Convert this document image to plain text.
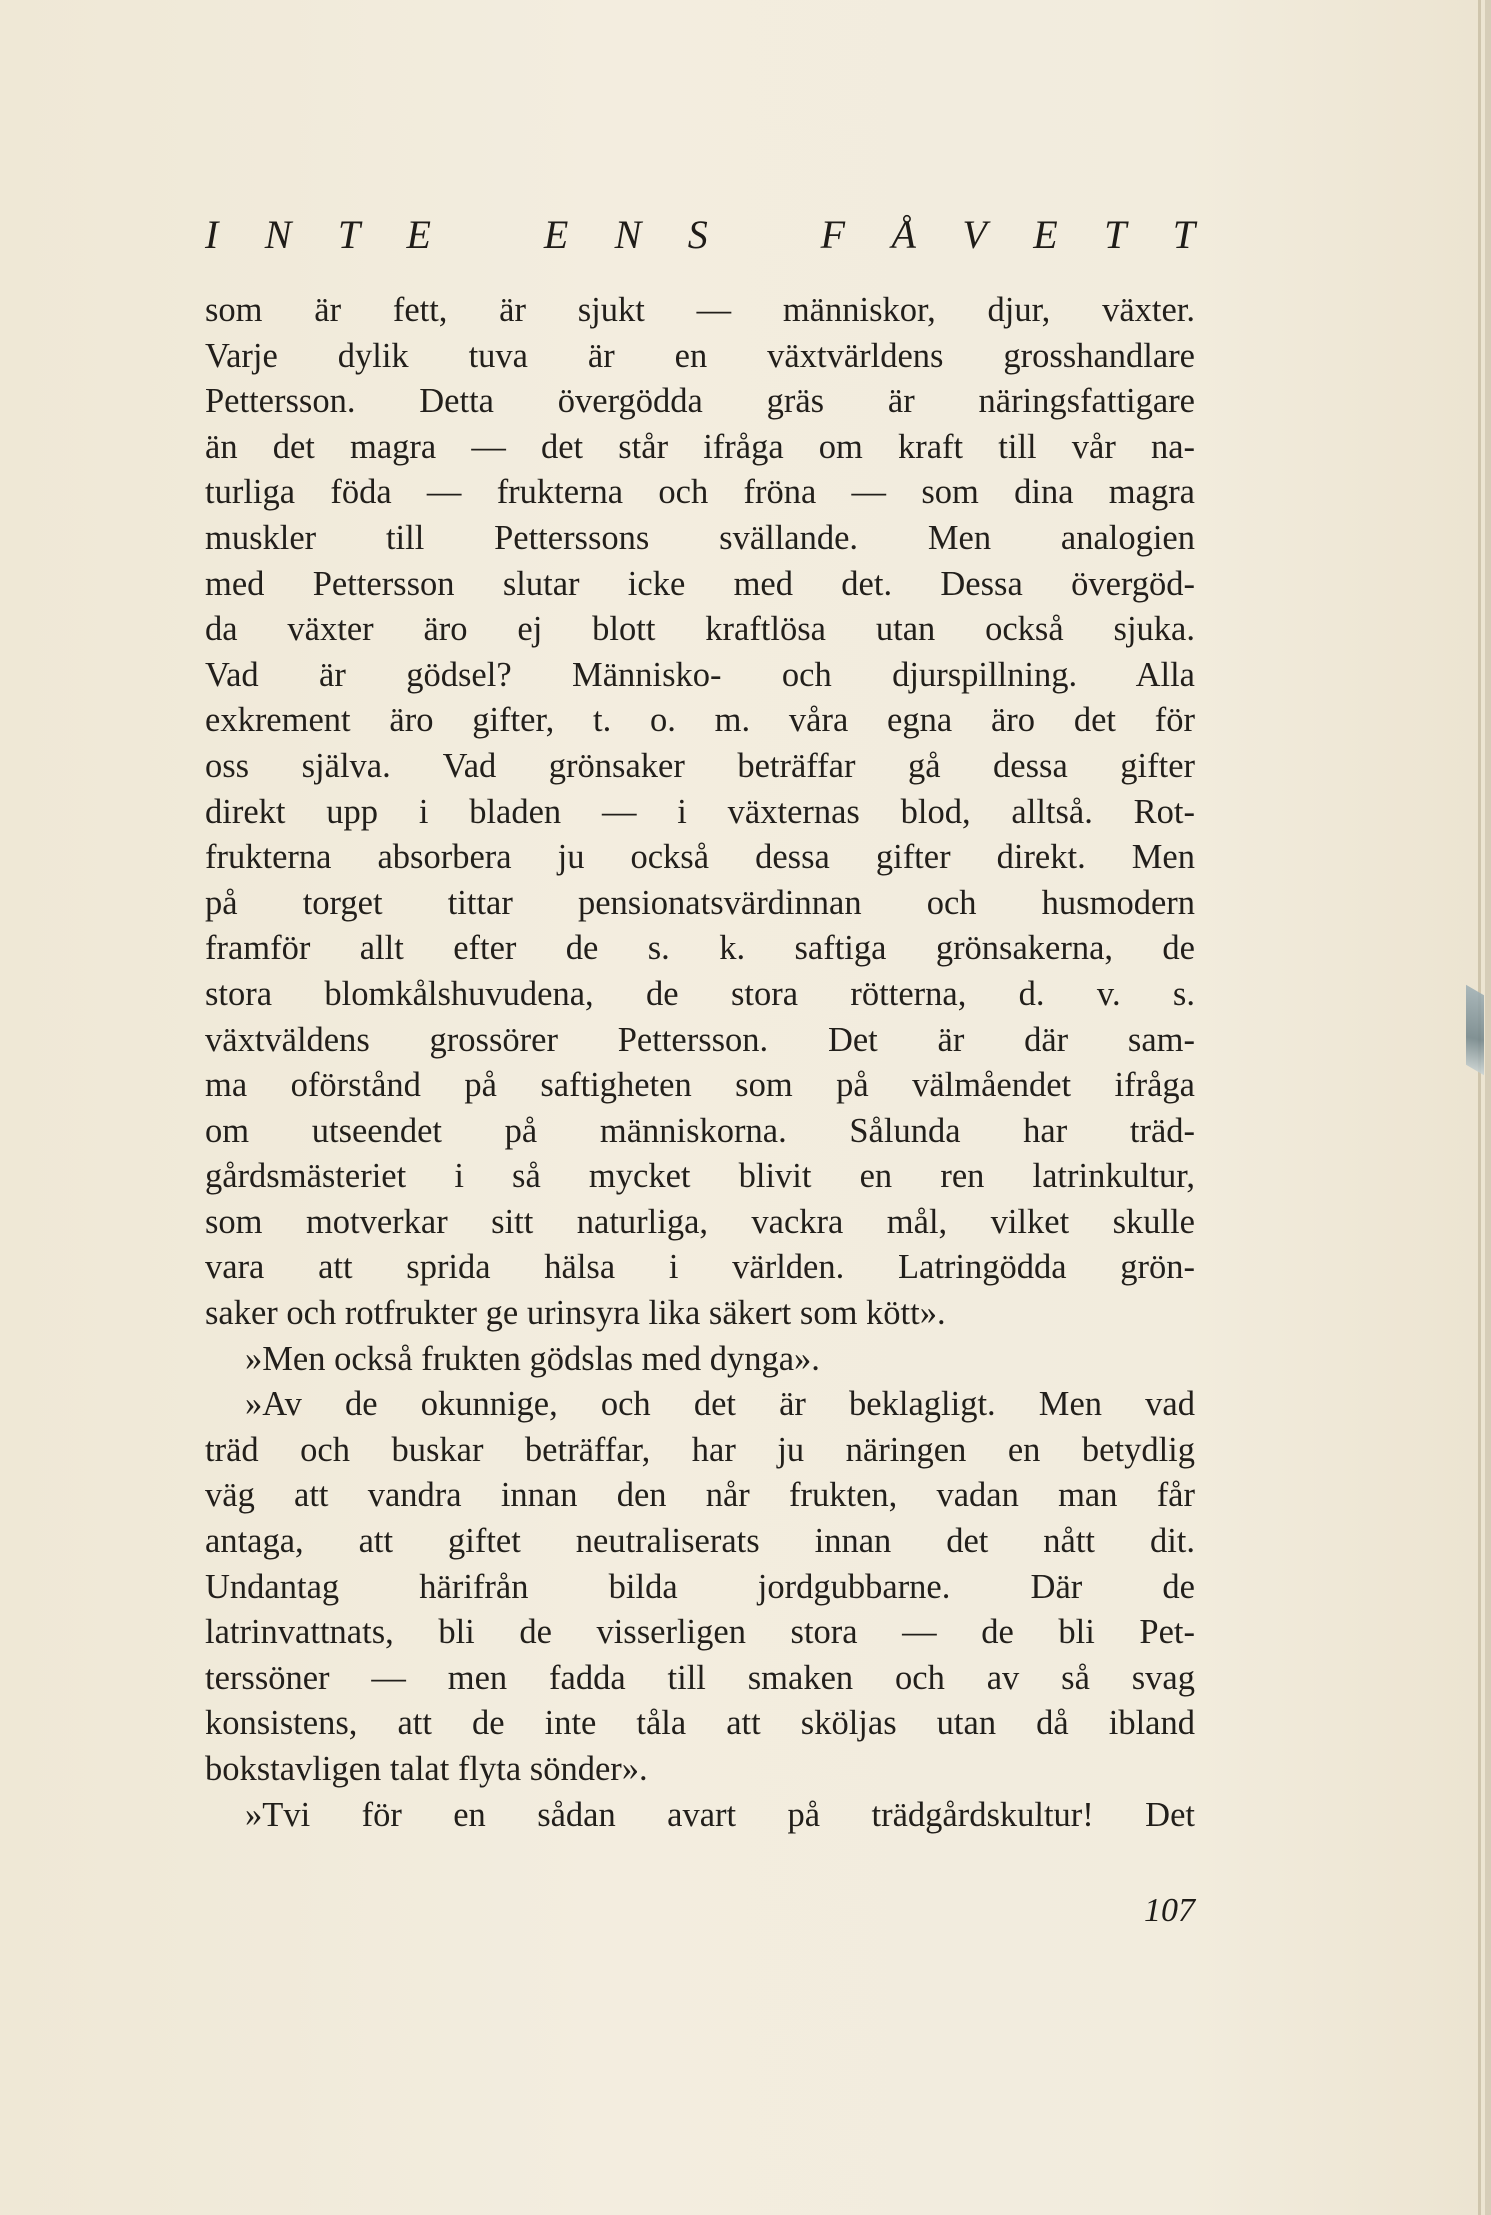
I N T E	E N S	F Å V E T T
som är fett, är sjukt — människor, djur, växter.
Varje dylik tuva är en växtvärldens grosshandlare
Pettersson. Detta övergödda gräs är näringsfattigare
än det magra — det står ifråga om kraft till vår na-
turliga föda — frukterna och fröna — som dina magra
muskler till Petterssons svällande. Men analogien
med Pettersson slutar icke med det. Dessa övergöd-
da växter äro ej blott kraftlösa utan också sjuka.
Vad är gödsel? Människo- och djurspillning. Alla
exkrement äro gifter, t. o. m. våra egna äro det för
oss själva. Vad grönsaker beträffar gå dessa gifter
direkt upp i bladen — i växternas blod, alltså. Rot-
frukterna absorbera ju också dessa gifter direkt. Men
på torget tittar pensionatsvärdinnan och husmodern
framför allt efter de s. k. saftiga grönsakerna, de
stora blomkålshuvudena, de stora rötterna, d. v. s.
växtväldens grossörer Pettersson. Det är där sam-
ma oförstånd på saftigheten som på välmåendet ifråga
om utseendet på människorna. Sålunda har träd-
gårdsmästeriet i så mycket blivit en ren latrinkultur,
som motverkar sitt naturliga, vackra mål, vilket skulle
vara att sprida hälsa i världen. Latringödda grön-
saker och rotfrukter ge urinsyra lika säkert som kött».
»Men också frukten gödslas med dynga».
»Av de okunnige, och det är beklagligt. Men vad
träd och buskar beträffar, har ju näringen en betydlig
väg att vandra innan den når frukten, vadan man får
antaga, att giftet neutraliserats innan det nått dit.
Undantag härifrån bilda jordgubbarne. Där de
latrinvattnats, bli de visserligen stora — de bli Pet-
terssöner — men fadda till smaken och av så svag
konsistens, att de inte tåla att sköljas utan då ibland
bokstavligen talat flyta sönder».
»Tvi för en sådan avart på trädgårdskultur! Det
107
